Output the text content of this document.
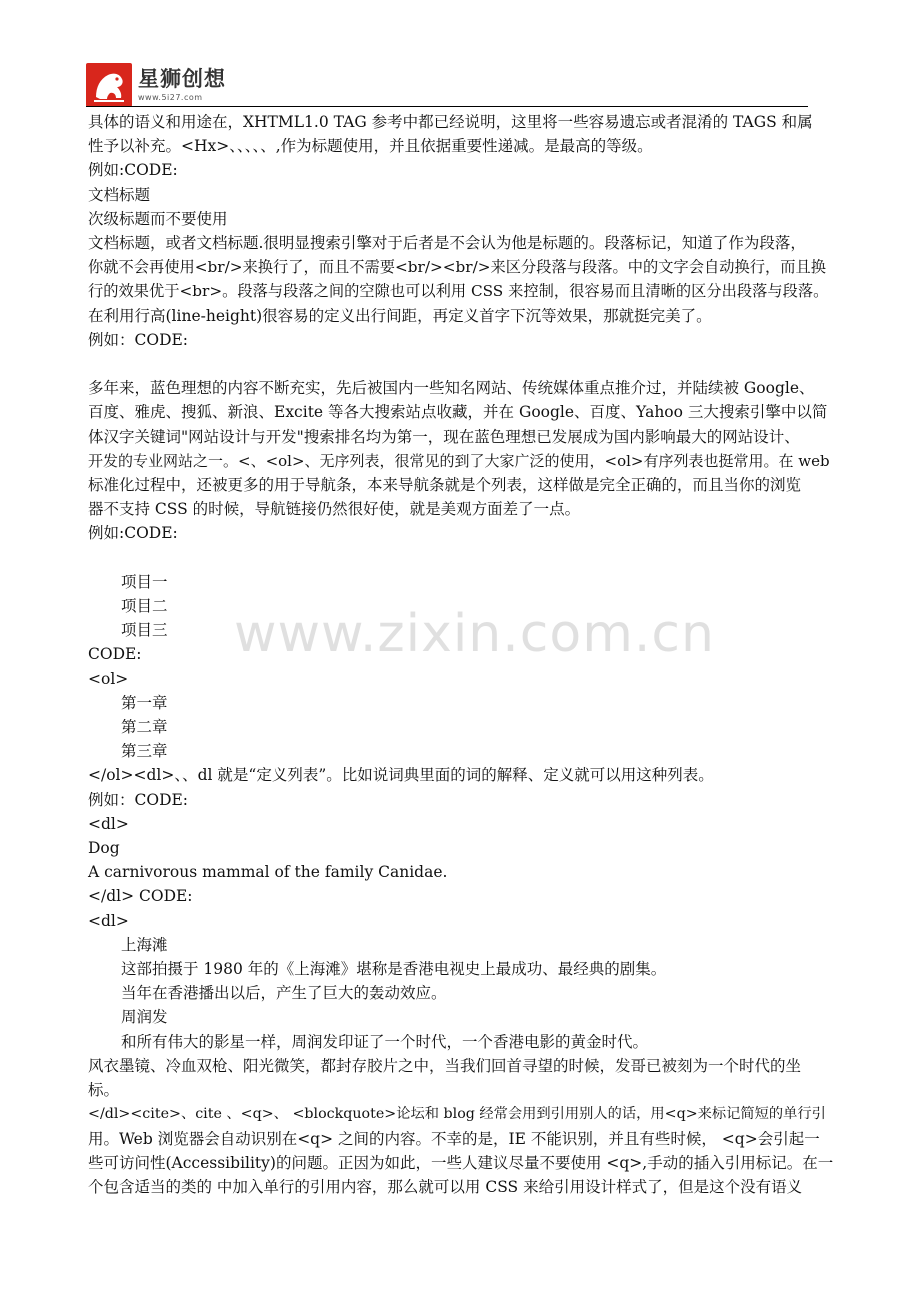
星狮创想
www.5i27.com
具体的语义和用途在，XHTML1.0 TAG 参考中都已经说明，这里将一些容易遗忘或者混淆的 TAGS 和属
性予以补充。<Hx>、、、、、,作为标题使用，并且依据重要性递减。是最高的等级。
例如:CODE:
文档标题
次级标题而不要使用
文档标题，或者文档标题.很明显搜索引擎对于后者是不会认为他是标题的。段落标记，知道了作为段落，
你就不会再使用<br/>来换行了，而且不需要<br/><br/>来区分段落与段落。中的文字会自动换行，而且换
行的效果优于<br>。段落与段落之间的空隙也可以利用 CSS 来控制，很容易而且清晰的区分出段落与段落。
在利用行高(line-height)很容易的定义出行间距，再定义首字下沉等效果，那就挺完美了。
例如：CODE:
多年来，蓝色理想的内容不断充实，先后被国内一些知名网站、传统媒体重点推介过，并陆续被 Google、
百度、雅虎、搜狐、新浪、Excite 等各大搜索站点收藏，并在 Google、百度、Yahoo 三大搜索引擎中以简
体汉字关键词"网站设计与开发"搜索排名均为第一，现在蓝色理想已发展成为国内影响最大的网站设计、
开发的专业网站之一。<、<ol>、无序列表，很常见的到了大家广泛的使用，<ol>有序列表也挺常用。在 web
标准化过程中，还被更多的用于导航条，本来导航条就是个列表，这样做是完全正确的，而且当你的浏览
器不支持 CSS 的时候，导航链接仍然很好使，就是美观方面差了一点。
例如:CODE:
项目一
项目二
项目三
CODE:
<ol>
第一章
第二章
第三章
</ol><dl>、、dl 就是“定义列表”。比如说词典里面的词的解释、定义就可以用这种列表。
例如：CODE:
<dl>
Dog
A carnivorous mammal of the family Canidae.
</dl> CODE:
<dl>
上海滩
这部拍摄于 1980 年的《上海滩》堪称是香港电视史上最成功、最经典的剧集。
当年在香港播出以后，产生了巨大的轰动效应。
周润发
和所有伟大的影星一样，周润发印证了一个时代，一个香港电影的黄金时代。
风衣墨镜、冷血双枪、阳光微笑，都封存胶片之中，当我们回首寻望的时候，发哥已被刻为一个时代的坐
标。
</dl><cite>、cite 、<q>、 <blockquote>论坛和 blog 经常会用到引用别人的话，用<q>来标记简短的单行引
用。Web 浏览器会自动识别在<q> 之间的内容。不幸的是，IE 不能识别，并且有些时候， <q>会引起一
些可访问性(Accessibility)的问题。正因为如此，一些人建议尽量不要使用 <q>,手动的插入引用标记。在一
个包含适当的类的 中加入单行的引用内容，那么就可以用 CSS 来给引用设计样式了，但是这个没有语义
www.zixin.com.cn
